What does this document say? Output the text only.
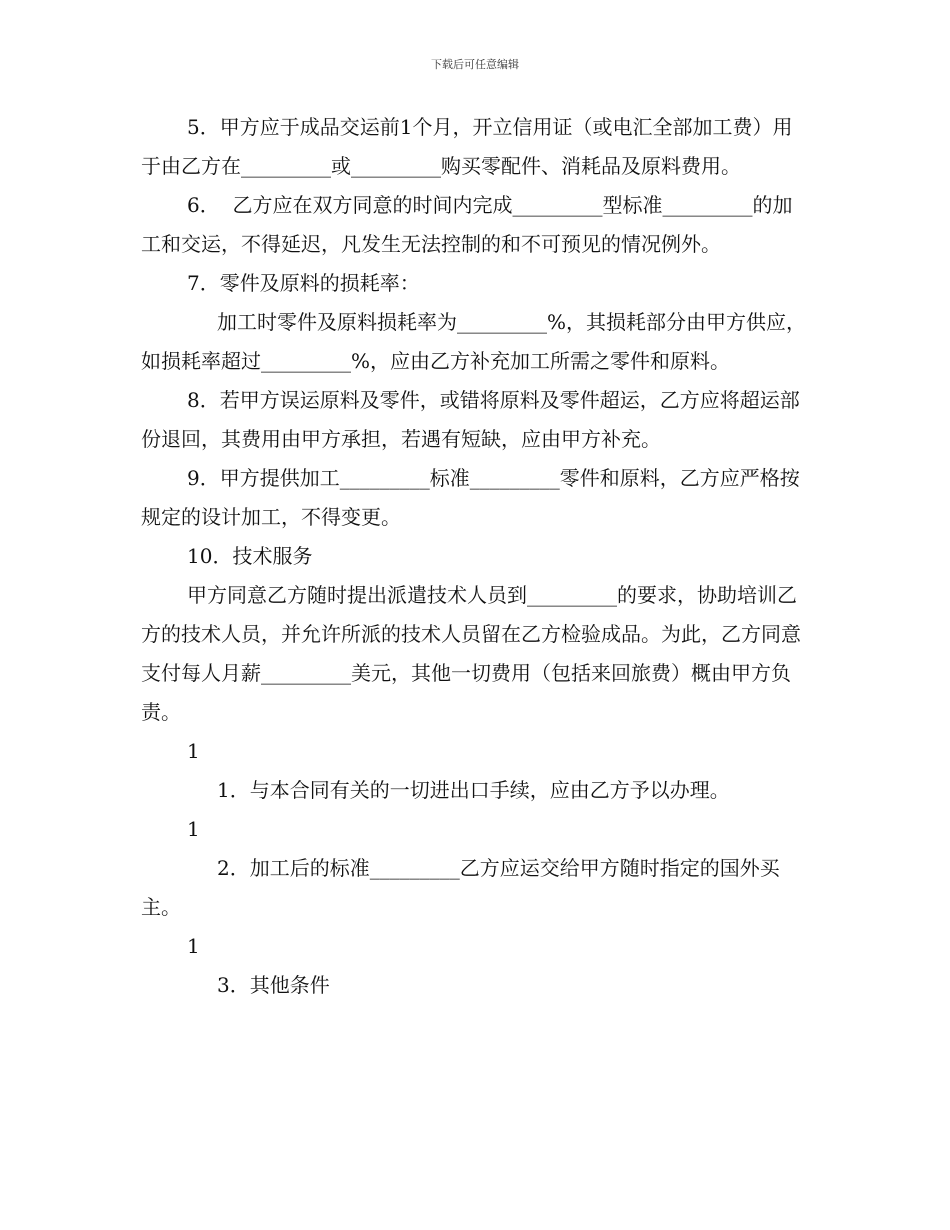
下载后可任意编辑

5．甲方应于成品交运前1个月，开立信用证（或电汇全部加工费）用于由乙方在_________或_________购买零配件、消耗品及原料费用。

6．  乙方应在双方同意的时间内完成_________型标准_________的加工和交运，不得延迟，凡发生无法控制的和不可预见的情况例外。

7．零件及原料的损耗率：

加工时零件及原料损耗率为_________%，其损耗部分由甲方供应，如损耗率超过_________%，应由乙方补充加工所需之零件和原料。

8．若甲方误运原料及零件，或错将原料及零件超运，乙方应将超运部份退回，其费用由甲方承担，若遇有短缺，应由甲方补充。

9．甲方提供加工_________标准_________零件和原料，乙方应严格按规定的设计加工，不得变更。

10．技术服务

甲方同意乙方随时提出派遣技术人员到_________的要求，协助培训乙方的技术人员，并允许所派的技术人员留在乙方检验成品。为此，乙方同意支付每人月薪_________美元，其他一切费用（包括来回旅费）概由甲方负责。

1

1．与本合同有关的一切进出口手续，应由乙方予以办理。

1

2．加工后的标准_________乙方应运交给甲方随时指定的国外买主。

1

3．其他条件
